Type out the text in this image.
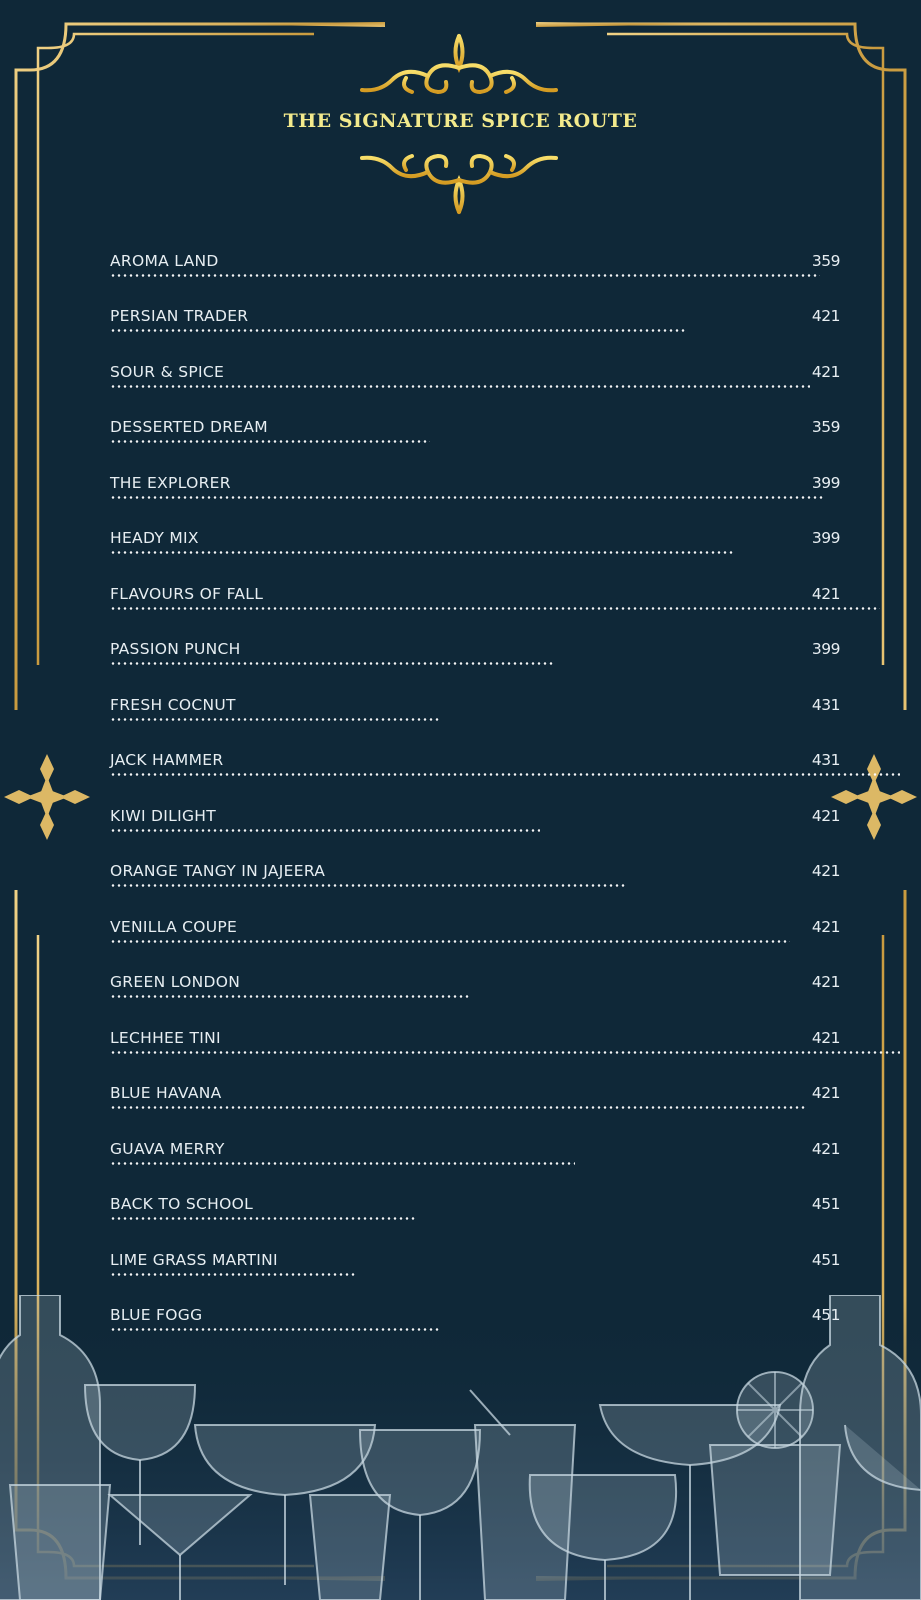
THE SIGNATURE SPICE ROUTE
AROMA LAND	359
PERSIAN TRADER	421
SOUR & SPICE	421
DESSERTED DREAM	359
THE EXPLORER	399
HEADY MIX	399
FLAVOURS OF FALL	421
PASSION PUNCH	399
FRESH COCNUT	431
JACK HAMMER	431
KIWI DILIGHT	421
ORANGE TANGY IN JAJEERA	421
VENILLA COUPE	421
GREEN LONDON	421
LECHHEE TINI	421
BLUE HAVANA	421
GUAVA MERRY	421
BACK TO SCHOOL	451
LIME GRASS MARTINI	451
BLUE FOGG	451
